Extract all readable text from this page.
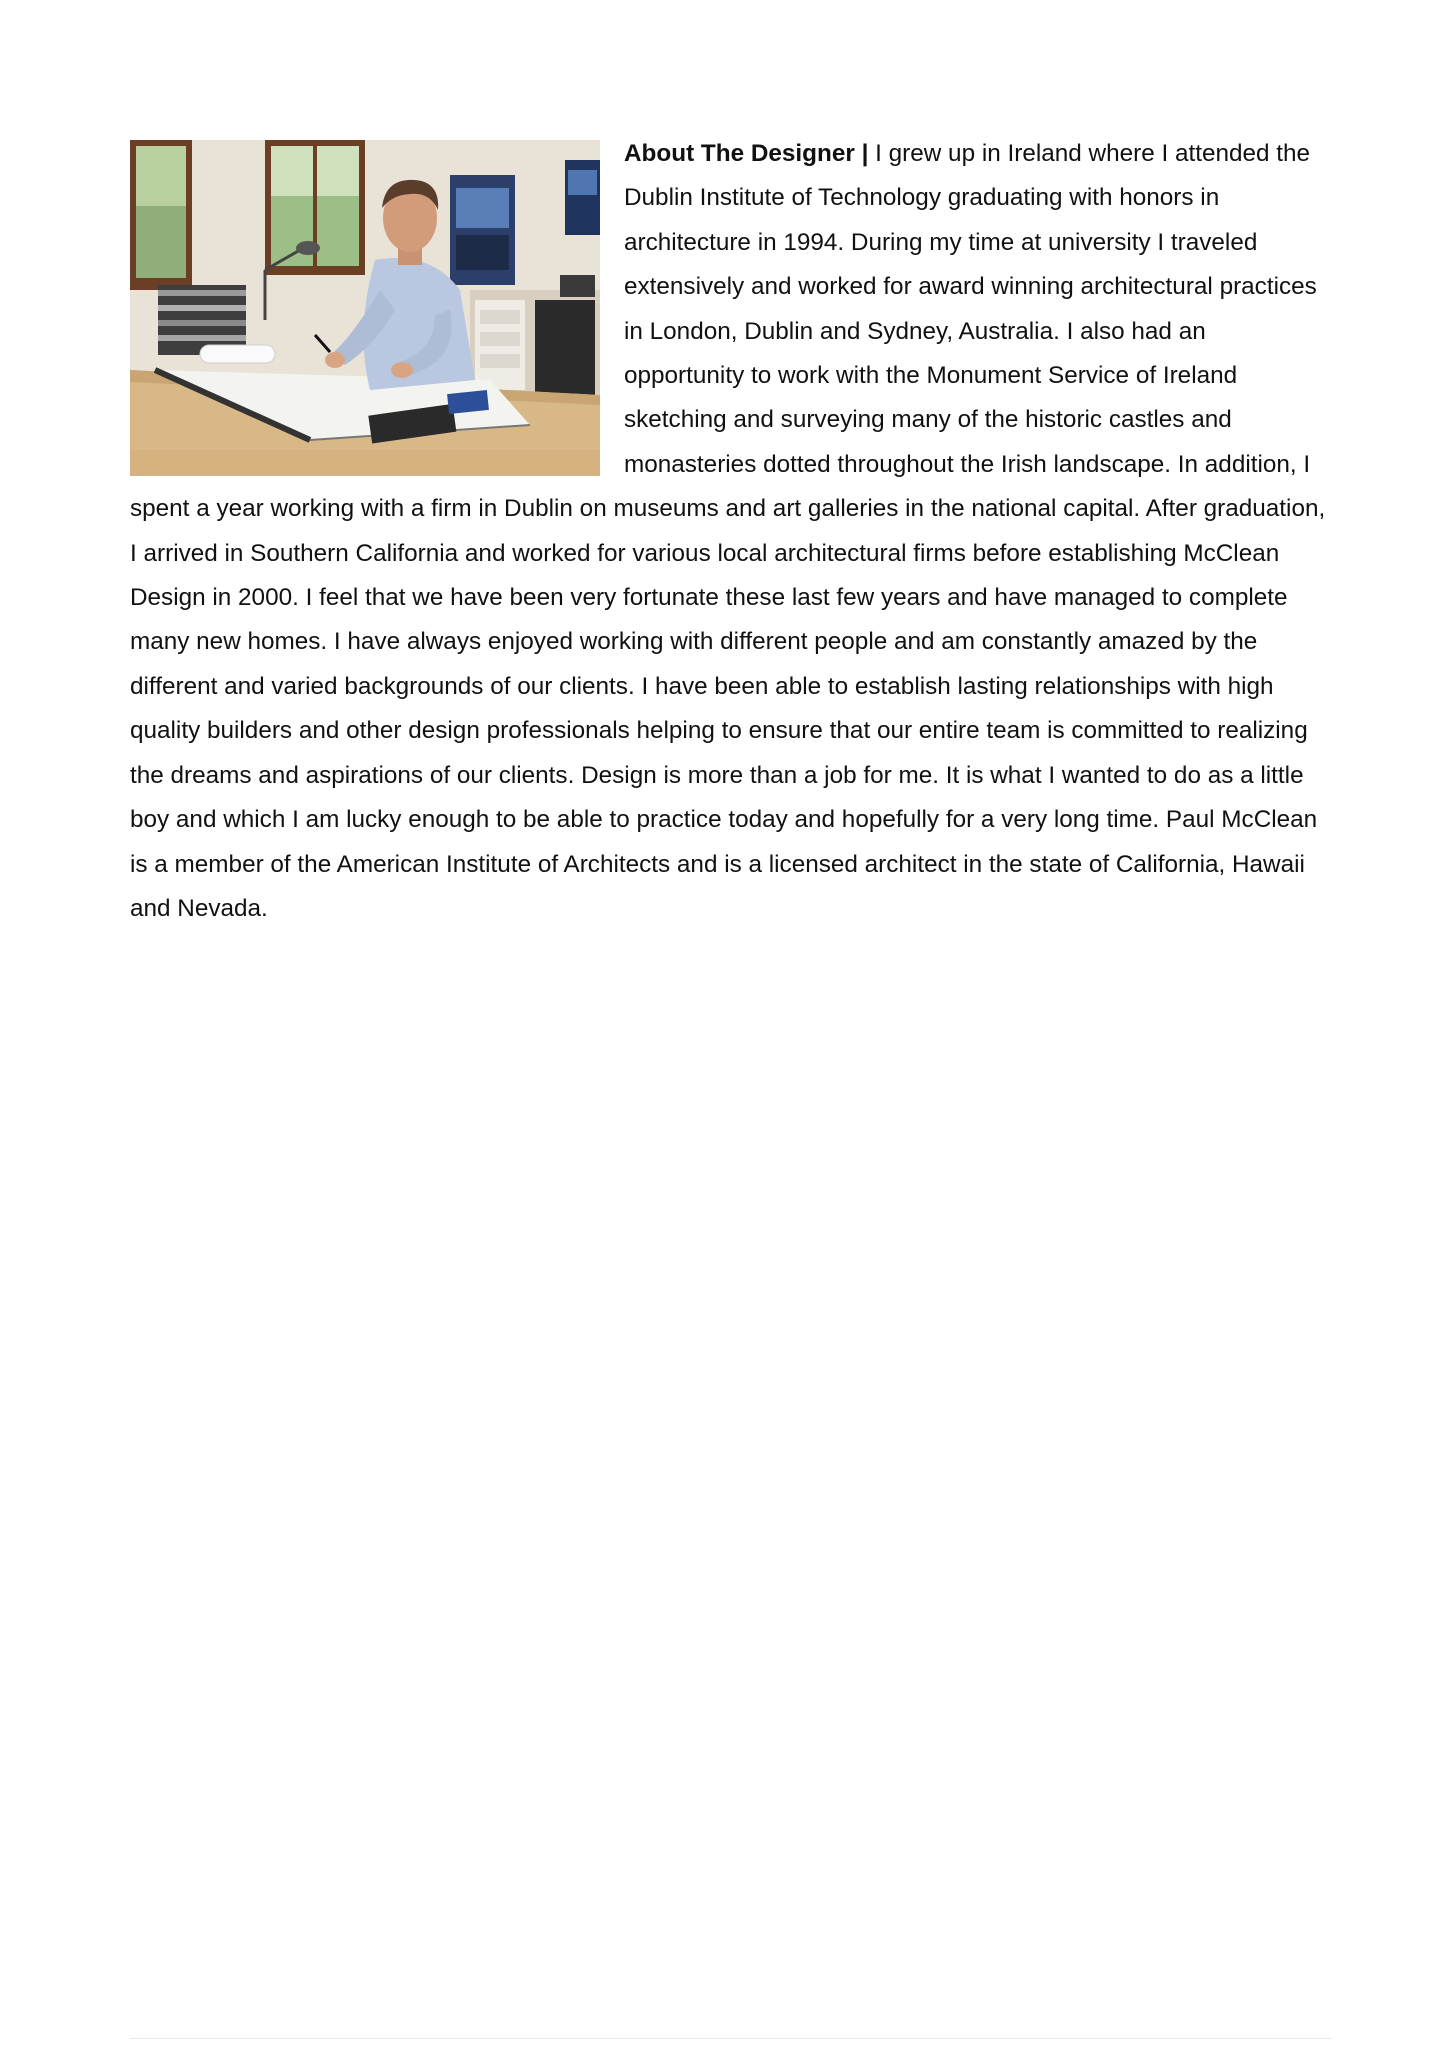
About The Designer | I grew up in Ireland where I attended the Dublin Institute of Technology graduating with honors in architecture in 1994. During my time at university I traveled extensively and worked for award winning architectural practices in London, Dublin and Sydney, Australia. I also had an opportunity to work with the Monument Service of Ireland sketching and surveying many of the historic castles and monasteries dotted throughout the Irish landscape. In addition, I spent a year working with a firm in Dublin on museums and art galleries in the national capital. After graduation, I arrived in Southern California and worked for various local architectural firms before establishing McClean Design in 2000. I feel that we have been very fortunate these last few years and have managed to complete many new homes. I have always enjoyed working with different people and am constantly amazed by the different and varied backgrounds of our clients. I have been able to establish lasting relationships with high quality builders and other design professionals helping to ensure that our entire team is committed to realizing the dreams and aspirations of our clients. Design is more than a job for me. It is what I wanted to do as a little boy and which I am lucky enough to be able to practice today and hopefully for a very long time. Paul McClean is a member of the American Institute of Architects and is a licensed architect in the state of California, Hawaii and Nevada.
